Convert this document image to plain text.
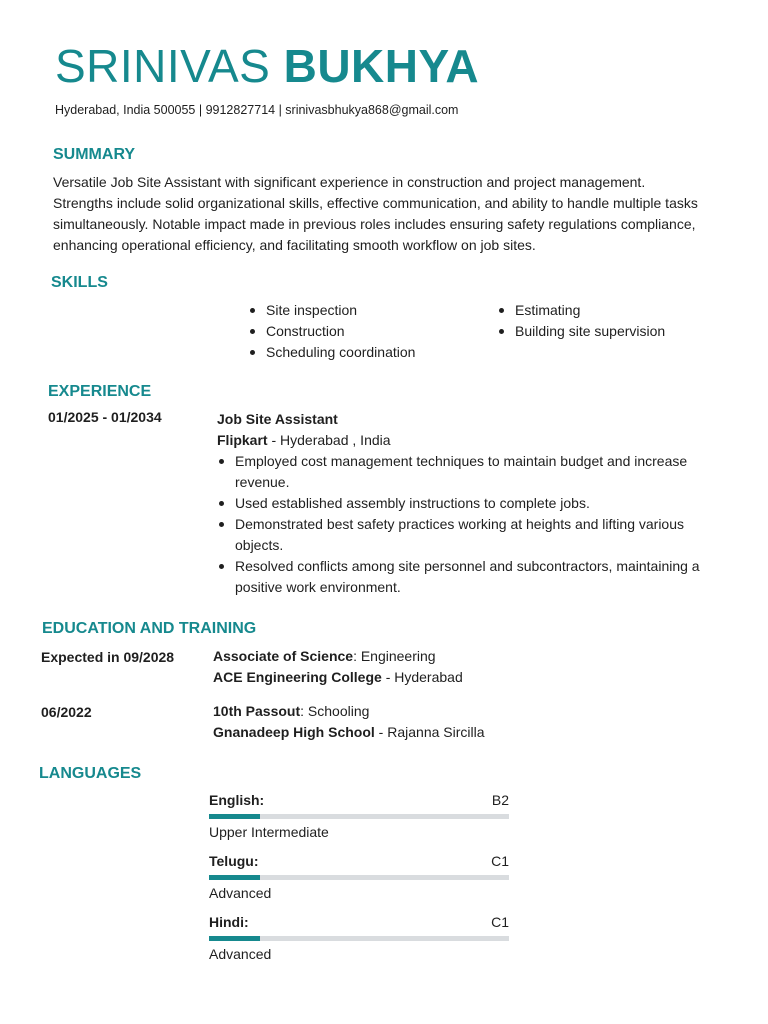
SRINIVAS BUKHYA
Hyderabad, India 500055 | 9912827714 | srinivasbhukya868@gmail.com
SUMMARY
Versatile Job Site Assistant with significant experience in construction and project management. Strengths include solid organizational skills, effective communication, and ability to handle multiple tasks simultaneously. Notable impact made in previous roles includes ensuring safety regulations compliance, enhancing operational efficiency, and facilitating smooth workflow on job sites.
SKILLS
Site inspection
Construction
Scheduling coordination
Estimating
Building site supervision
EXPERIENCE
01/2025 - 01/2034	Job Site Assistant
Flipkart - Hyderabad , India
Employed cost management techniques to maintain budget and increase revenue.
Used established assembly instructions to complete jobs.
Demonstrated best safety practices working at heights and lifting various objects.
Resolved conflicts among site personnel and subcontractors, maintaining a positive work environment.
EDUCATION AND TRAINING
Expected in 09/2028	Associate of Science: Engineering
ACE Engineering College - Hyderabad
06/2022	10th Passout: Schooling
Gnanadeep High School - Rajanna Sircilla
LANGUAGES
English:	B2
Upper Intermediate
Telugu:	C1
Advanced
Hindi:	C1
Advanced
